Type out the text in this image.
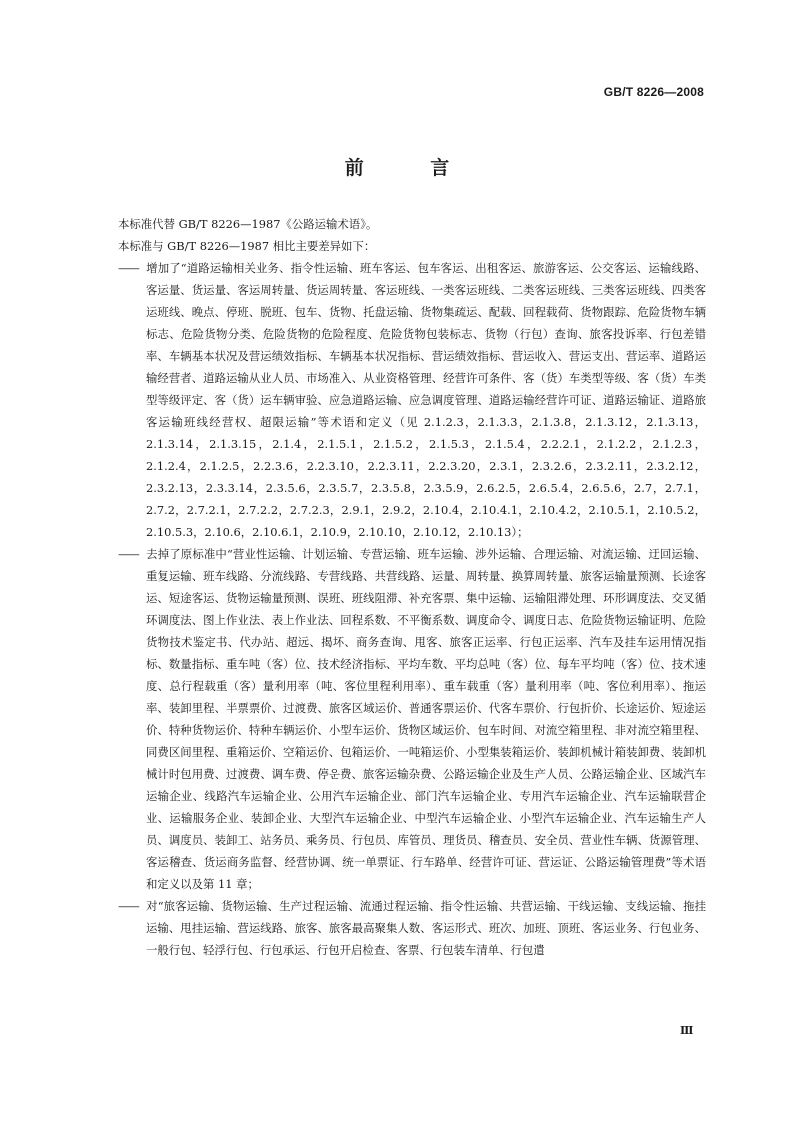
GB/T 8226—2008
前 言

本标准代替 GB/T 8226—1987《公路运输术语》。

本标准与 GB/T 8226—1987 相比主要差异如下：

—— 增加了“道路运输相关业务、指令性运输、班车客运、包车客运、出租客运、旅游客运、公交客运、运输线路、客运量、货运量、客运周转量、货运周转量、客运班线、一类客运班线、二类客运班线、三类客运班线、四类客运班线、晚点、停班、脱班、包车、货物、托盘运输、货物集疏运、配载、回程载荷、货物跟踪、危险货物车辆标志、危险货物分类、危险货物的危险程度、危险货物包装标志、货物（行包）查询、旅客投诉率、行包差错率、车辆基本状况及营运绩效指标、车辆基本状况指标、营运绩效指标、营运收入、营运支出、营运率、道路运输经营者、道路运输从业人员、市场准入、从业资格管理、经营许可条件、客（货）车类型等级、客（货）车类型等级评定、客（货）运车辆审验、应急道路运输、应急调度管理、道路运输经营许可证、道路运输证、道路旅客运输班线经营权、超限运输”等术语和定义（见 2.1.2.3，2.1.3.3，2.1.3.8，2.1.3.12，2.1.3.13，2.1.3.14，2.1.3.15，2.1.4，2.1.5.1，2.1.5.2，2.1.5.3，2.1.5.4，2.2.2.1，2.1.2.2，2.1.2.3，2.1.2.4，2.1.2.5，2.2.3.6，2.2.3.10，2.2.3.11，2.2.3.20，2.3.1，2.3.2.6，2.3.2.11，2.3.2.12，2.3.2.13，2.3.3.14，2.3.5.6，2.3.5.7，2.3.5.8，2.3.5.9，2.6.2.5，2.6.5.4，2.6.5.6，2.7，2.7.1，2.7.2，2.7.2.1，2.7.2.2，2.7.2.3，2.9.1，2.9.2，2.10.4，2.10.4.1，2.10.4.2，2.10.5.1，2.10.5.2，2.10.5.3，2.10.6，2.10.6.1，2.10.9，2.10.10，2.10.12，2.10.13）；

—— 去掉了原标准中“营业性运输、计划运输、专营运输、班车运输、涉外运输、合理运输、对流运输、迂回运输、重复运输、班车线路、分流线路、专营线路、共营线路、运量、周转量、换算周转量、旅客运输量预测、长途客运、短途客运、货物运输量预测、误班、班线阻滞、补充客票、集中运输、运输阻滞处理、环形调度法、交叉循环调度法、图上作业法、表上作业法、回程系数、不平衡系数、调度命令、调度日志、危险货物运输证明、危险货物技术鉴定书、代办站、超远、揭坏、商务查询、甩客、旅客正运率、行包正运率、汽车及挂车运用情况指标、数量指标、重车吨（客）位、技术经济指标、平均车数、平均总吨（客）位、每车平均吨（客）位、技术速度、总行程载重（客）量利用率（吨、客位里程利用率）、重车载重（客）量利用率（吨、客位利用率）、拖运率、装卸里程、半票票价、过渡费、旅客区域运价、普通客票运价、代客车票价、行包折价、长途运价、短途运价、特种货物运价、特种车辆运价、小型车运价、货物区域运价、包车时间、对流空箱里程、非对流空箱里程、同费区间里程、重箱运价、空箱运价、包箱运价、一吨箱运价、小型集装箱运价、装卸机械计箱装卸费、装卸机械计时包用费、过渡费、调车费、停운费、旅客运输杂费、公路运输企业及生产人员、公路运输企业、区域汽车运输企业、线路汽车运输企业、公用汽车运输企业、部门汽车运输企业、专用汽车运输企业、汽车运输联营企业、运输服务企业、装卸企业、大型汽车运输企业、中型汽车运输企业、小型汽车运输企业、汽车运输生产人员、调度员、装卸工、站务员、乘务员、行包员、库管员、理货员、稽查员、安全员、营业性车辆、货源管理、客运稽查、货运商务监督、经营协调、统一单票证、行车路单、经营许可证、营运证、公路运输管理费”等术语和定义以及第 11 章；

—— 对“旅客运输、货物运输、生产过程运输、流通过程运输、指令性运输、共营运输、干线运输、支线运输、拖挂运输、甩挂运输、营运线路、旅客、旅客最高聚集人数、客运形式、班次、加班、顶班、客运业务、行包业务、一般行包、轻浮行包、行包承运、行包开启检查、客票、行包装车清单、行包遣

Ⅲ
